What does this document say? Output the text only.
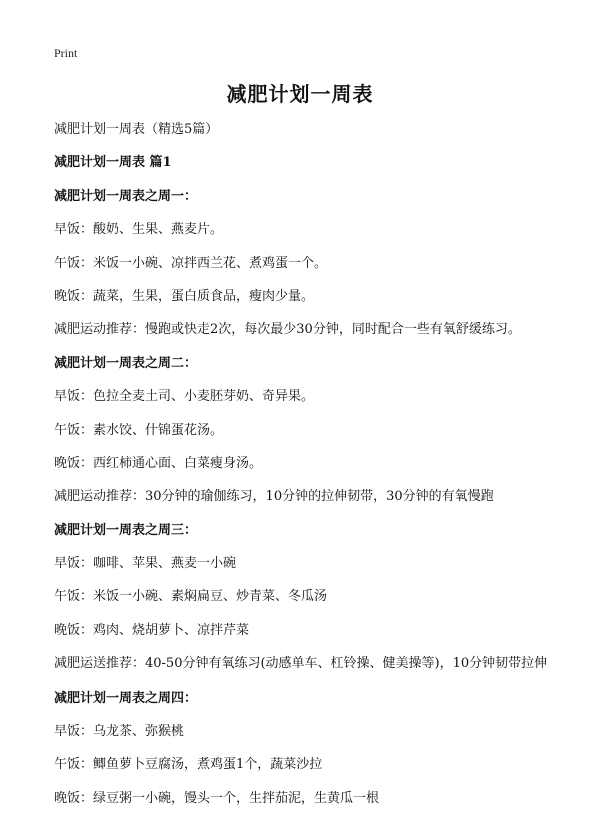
Print
减肥计划一周表

减肥计划一周表（精选5篇）

减肥计划一周表 篇1

减肥计划一周表之周一：

早饭：酸奶、生果、燕麦片。

午饭：米饭一小碗、凉拌西兰花、煮鸡蛋一个。

晚饭：蔬菜，生果，蛋白质食品，瘦肉少量。

减肥运动推荐：慢跑或快走2次，每次最少30分钟，同时配合一些有氧舒缓练习。

减肥计划一周表之周二：

早饭：色拉全麦土司、小麦胚芽奶、奇异果。

午饭：素水饺、什锦蛋花汤。

晚饭：西红柿通心面、白菜瘦身汤。

减肥运动推荐：30分钟的瑜伽练习，10分钟的拉伸韧带，30分钟的有氧慢跑

减肥计划一周表之周三：

早饭：咖啡、苹果、燕麦一小碗

午饭：米饭一小碗、素焖扁豆、炒青菜、冬瓜汤

晚饭：鸡肉、烧胡萝卜、凉拌芹菜

减肥运送推荐：40-50分钟有氧练习(动感单车、杠铃操、健美操等)，10分钟韧带拉伸

减肥计划一周表之周四：

早饭：乌龙茶、弥猴桃

午饭：鲫鱼萝卜豆腐汤，煮鸡蛋1个，蔬菜沙拉

晚饭：绿豆粥一小碗，馒头一个，生拌茄泥，生黄瓜一根
